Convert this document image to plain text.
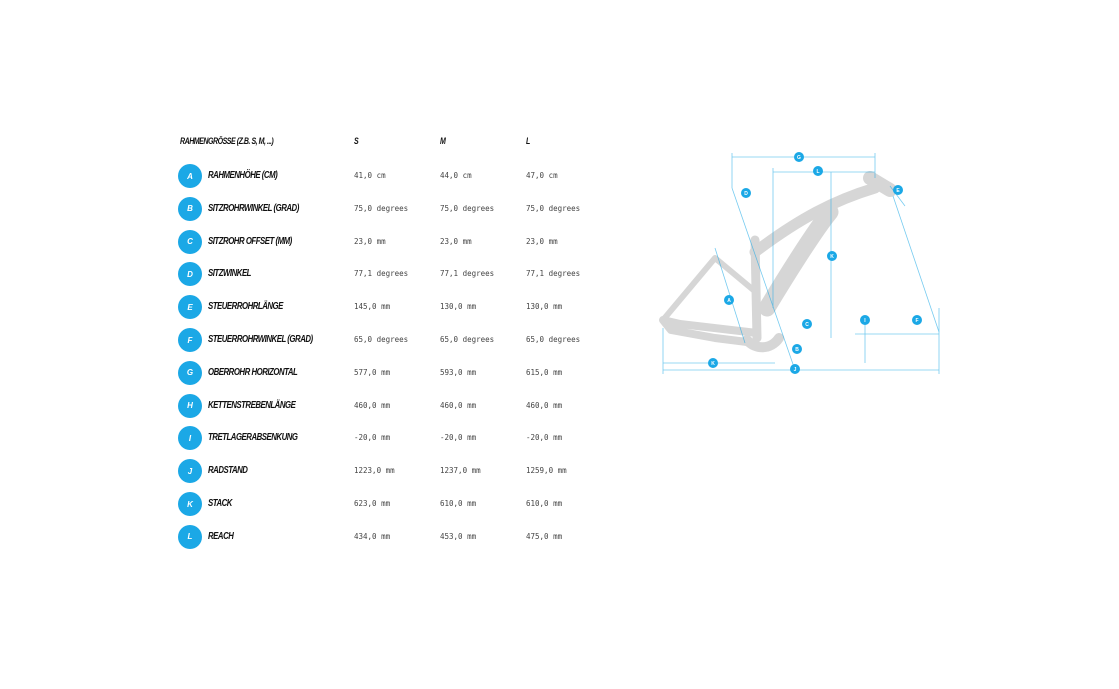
RAHMENGRÖSSE (Z.B. S, M, ...)	S	M	L
A	RAHMENHÖHE (CM)	41,0 cm	44,0 cm	47,0 cm
B	SITZROHRWINKEL (GRAD)	75,0 degrees	75,0 degrees	75,0 degrees
C	SITZROHR OFFSET (MM)	23,0 mm	23,0 mm	23,0 mm
D	SITZWINKEL	77,1 degrees	77,1 degrees	77,1 degrees
E	STEUERROHRLÄNGE	145,0 mm	130,0 mm	130,0 mm
F	STEUERROHRWINKEL (GRAD)	65,0 degrees	65,0 degrees	65,0 degrees
G	OBERROHR HORIZONTAL	577,0 mm	593,0 mm	615,0 mm
H	KETTENSTREBENLÄNGE	460,0 mm	460,0 mm	460,0 mm
I	TRETLAGERABSENKUNG	-20,0 mm	-20,0 mm	-20,0 mm
J	RADSTAND	1223,0 mm	1237,0 mm	1259,0 mm
K	STACK	623,0 mm	610,0 mm	610,0 mm
L	REACH	434,0 mm	453,0 mm	475,0 mm
G
L
D	E
K
A
C
I	F
B
K
J
